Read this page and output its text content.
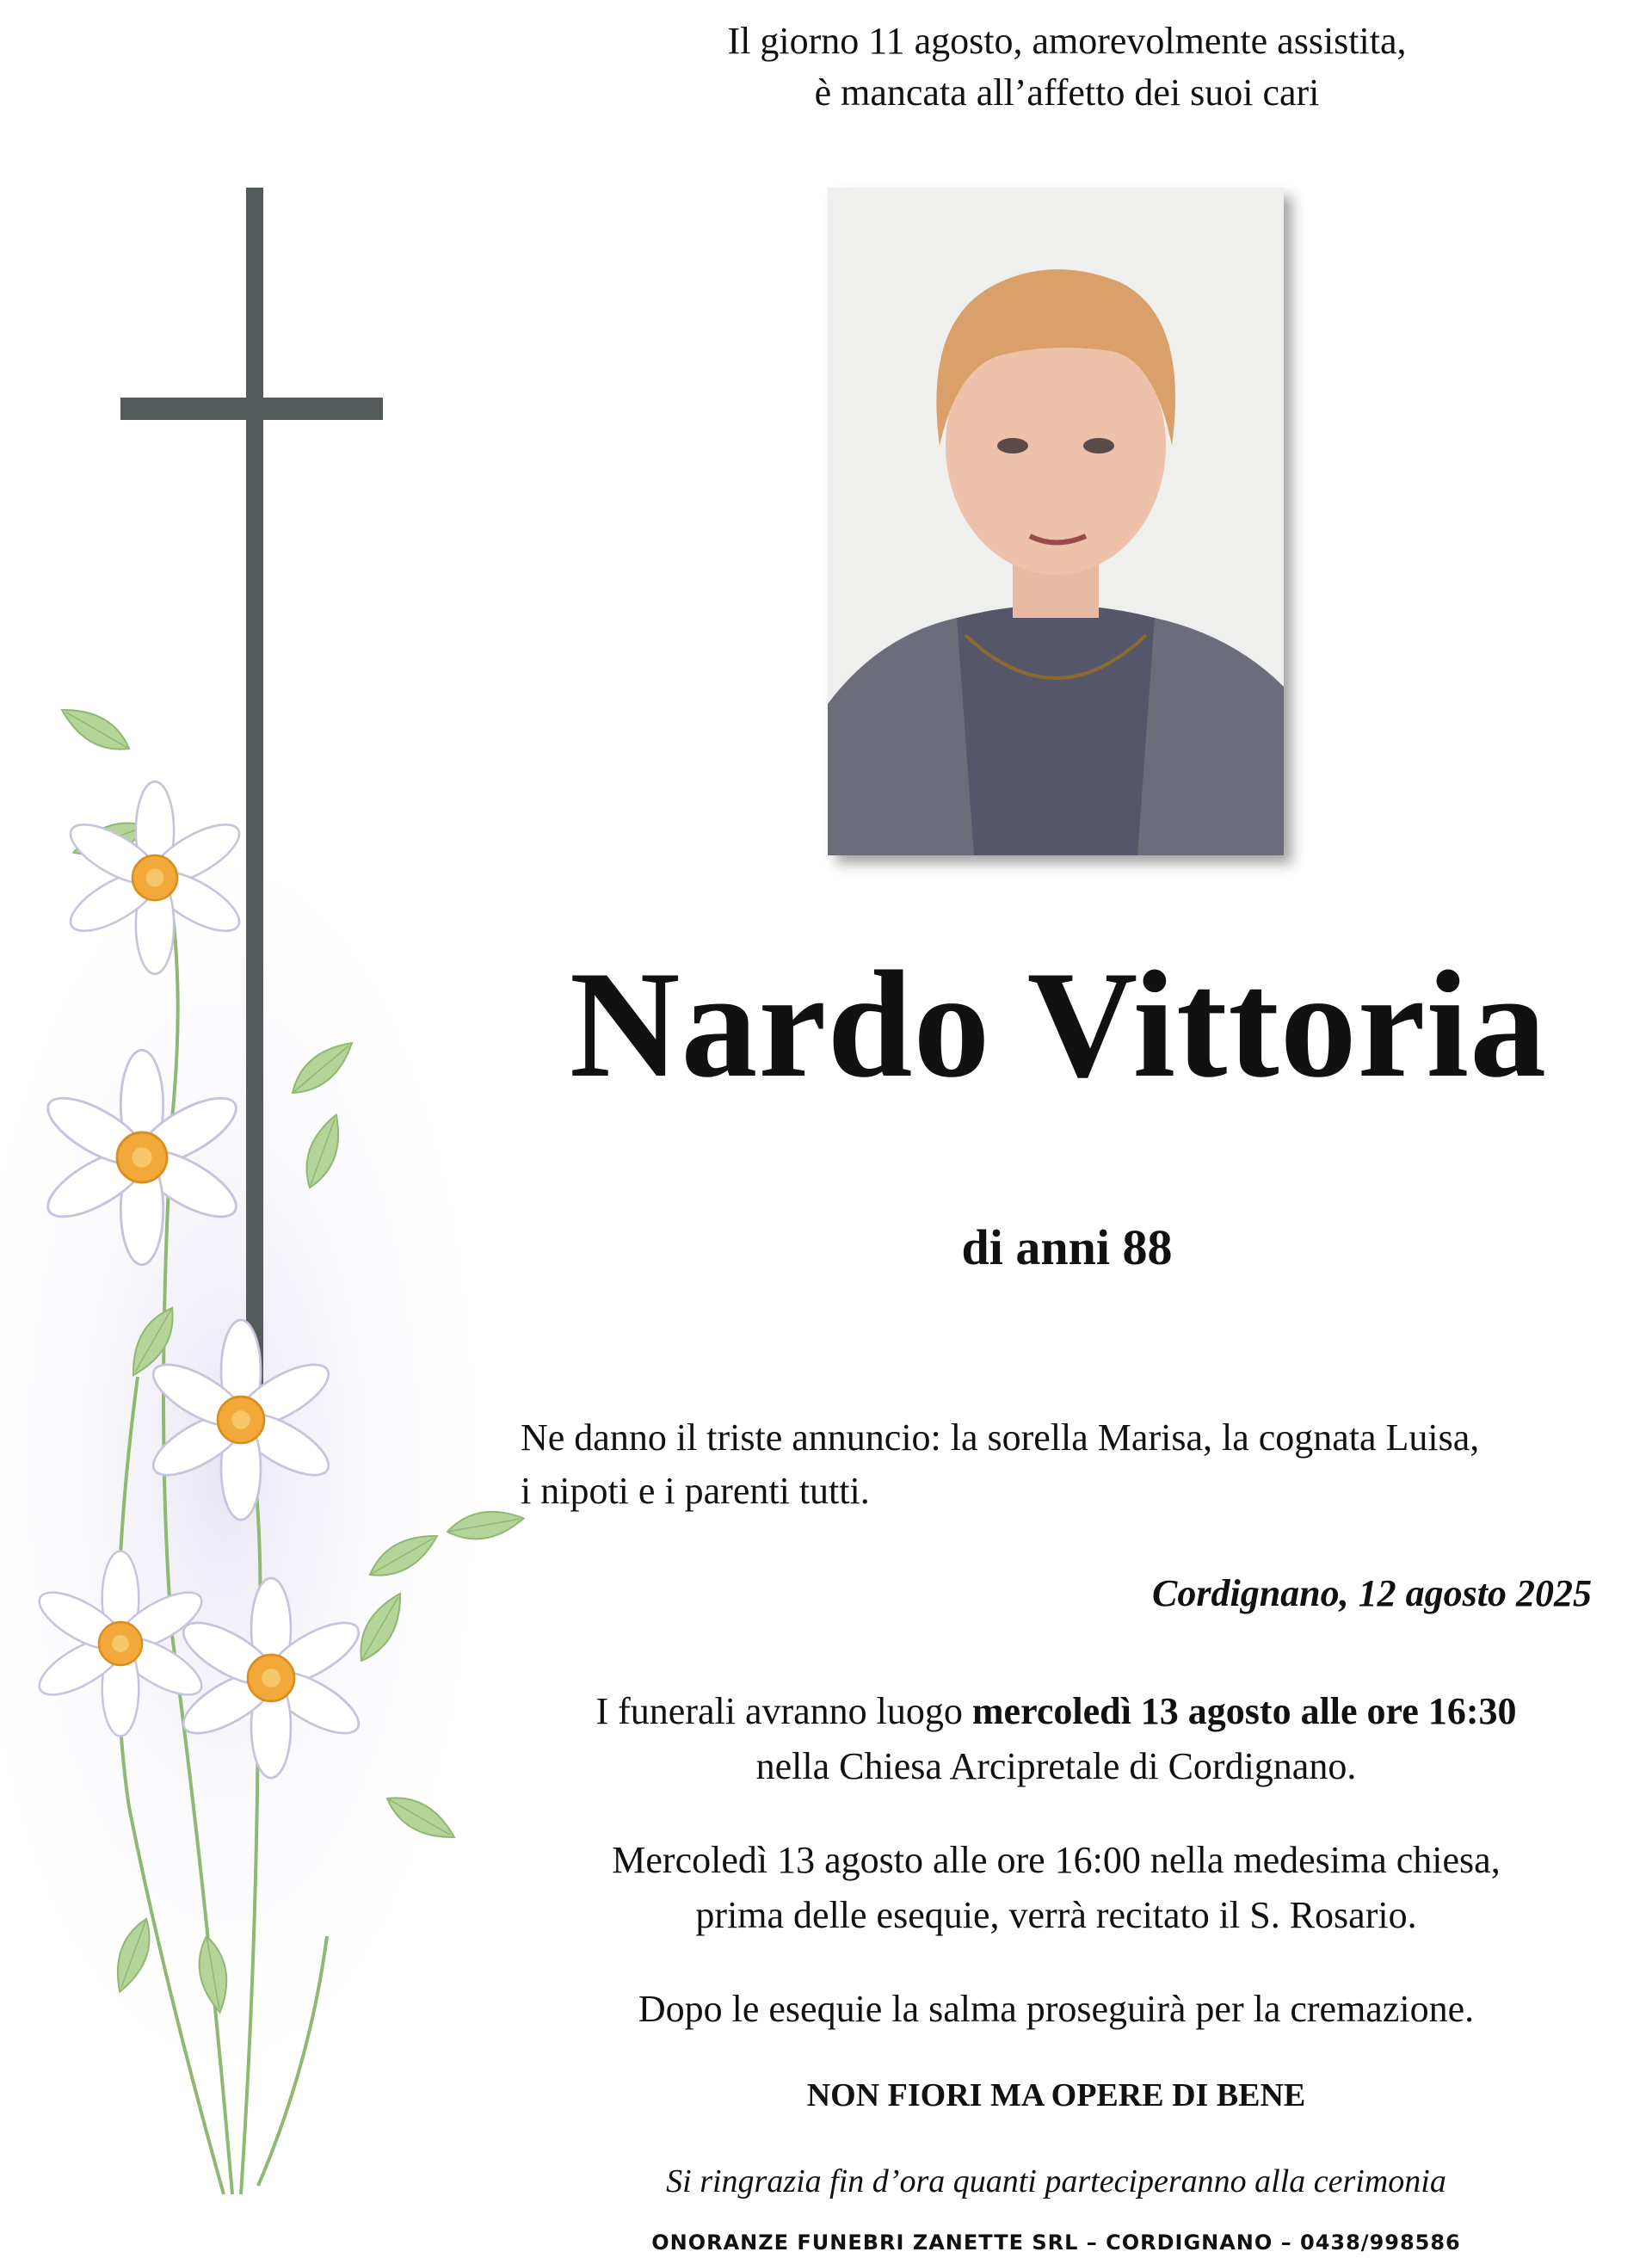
Il giorno 11 agosto, amorevolmente assistita,
è mancata all’affetto dei suoi cari
Nardo Vittoria
di anni 88
Ne danno il triste annuncio: la sorella Marisa, la cognata Luisa,
i nipoti e i parenti tutti.
Cordignano, 12 agosto 2025
I funerali avranno luogo mercoledì 13 agosto alle ore 16:30
nella Chiesa Arcipretale di Cordignano.
Mercoledì 13 agosto alle ore 16:00 nella medesima chiesa,
prima delle esequie, verrà recitato il S. Rosario.
Dopo le esequie la salma proseguirà per la cremazione.
NON FIORI MA OPERE DI BENE
Si ringrazia fin d’ora quanti parteciperanno alla cerimonia
ONORANZE FUNEBRI ZANETTE SRL – CORDIGNANO – 0438/998586
